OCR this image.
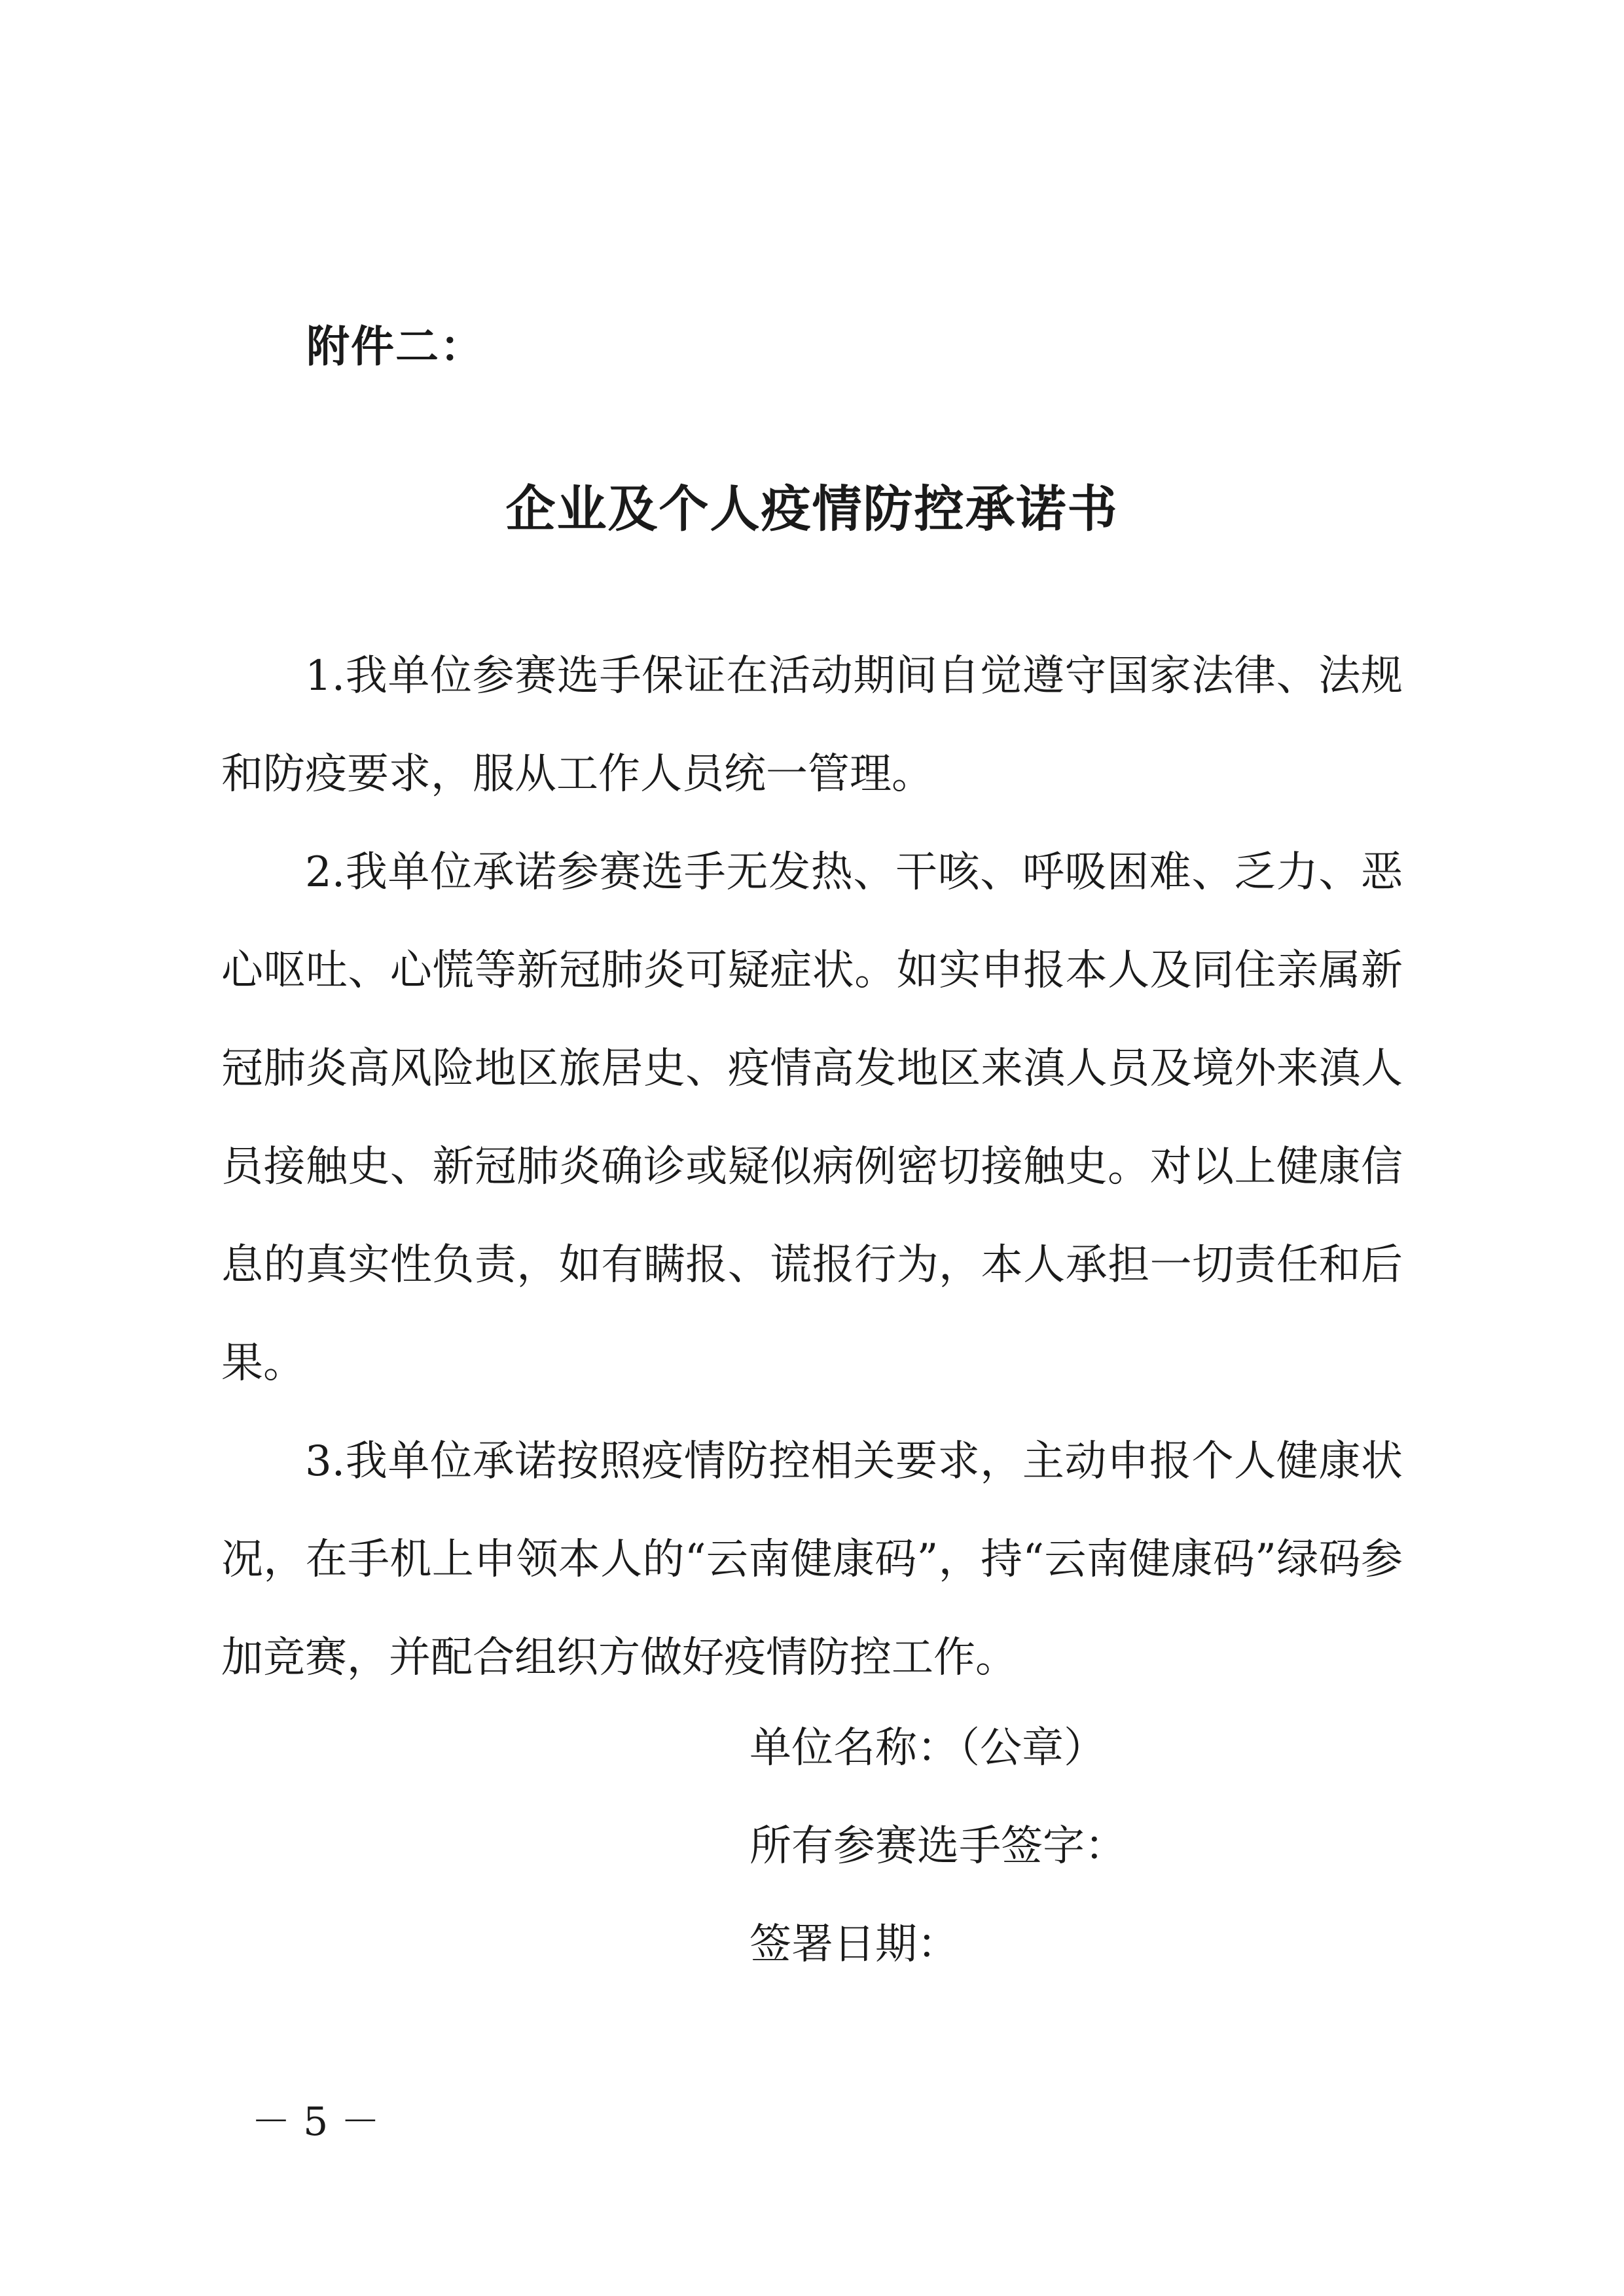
附件二：
企业及个人疫情防控承诺书

1.我单位参赛选手保证在活动期间自觉遵守国家法律、法规和防疫要求，服从工作人员统一管理。

2.我单位承诺参赛选手无发热、干咳、呼吸困难、乏力、恶心呕吐、心慌等新冠肺炎可疑症状。如实申报本人及同住亲属新冠肺炎高风险地区旅居史、疫情高发地区来滇人员及境外来滇人员接触史、新冠肺炎确诊或疑似病例密切接触史。对以上健康信息的真实性负责，如有瞒报、谎报行为，本人承担一切责任和后果。

3.我单位承诺按照疫情防控相关要求，主动申报个人健康状况，在手机上申领本人的“云南健康码”，持“云南健康码”绿码参加竞赛，并配合组织方做好疫情防控工作。

单位名称：（公章）

所有参赛选手签字：

签署日期：

－ 5 －
